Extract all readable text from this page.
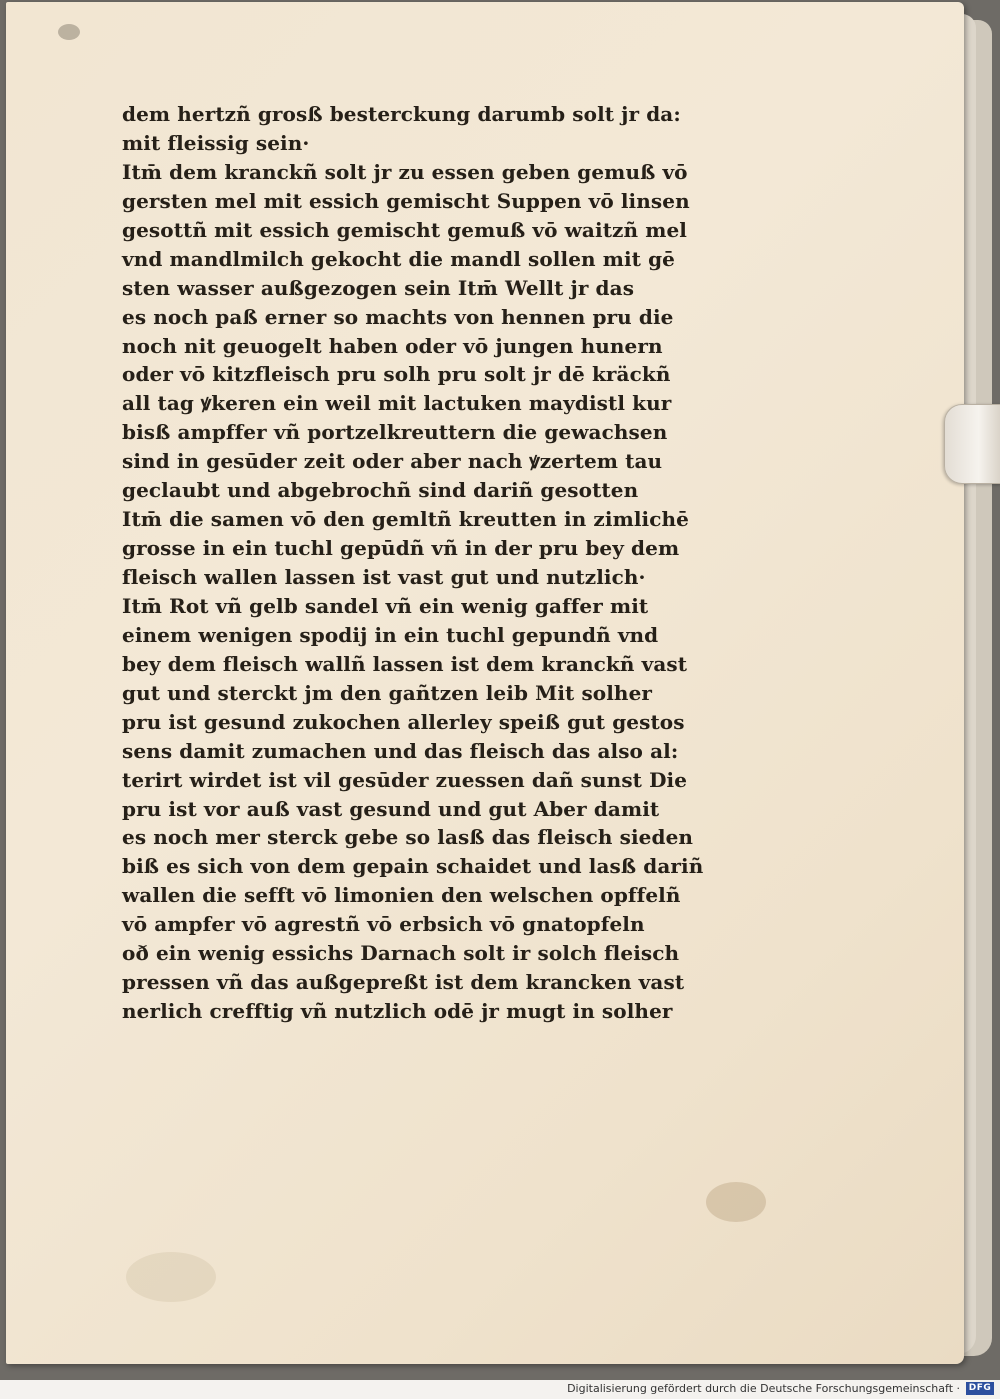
dem hertzñ grosß besterckung darumb solt jr da:
mit fleissig sein·
Itm̄ dem kranckñ solt jr zu essen geben gemuß vō
gersten mel mit essich gemischt Suppen vō linsen
gesottñ mit essich gemischt gemuß vō waitzñ mel
vnd mandlmilch gekocht die mandl sollen mit gē
sten wasser außgezogen sein Itm̄ Wellt jr das
es noch paß erner so machts von hennen pru die
noch nit geuogelt haben oder vō jungen hunern
oder vō kitzfleisch pru solh pru solt jr dē kräckñ
all tag ꝟkeren ein weil mit lactuken maydistl kur
bisß ampffer vñ portzelkreuttern die gewachsen
sind in gesūder zeit oder aber nach ꝟzertem tau
geclaubt und abgebrochñ sind dariñ gesotten
Itm̄ die samen vō den gemltñ kreutten in zimlichē
grosse in ein tuchl gepūdñ vñ in der pru bey dem
fleisch wallen lassen ist vast gut und nutzlich·
Itm̄ Rot vñ gelb sandel vñ ein wenig gaffer mit
einem wenigen spodij in ein tuchl gepundñ vnd
bey dem fleisch wallñ lassen ist dem kranckñ vast
gut und sterckt jm den gañtzen leib Mit solher
pru ist gesund zukochen allerley speiß gut gestos
sens damit zumachen und das fleisch das also al:
terirt wirdet ist vil gesūder zuessen dañ sunst Die
pru ist vor auß vast gesund und gut Aber damit
es noch mer sterck gebe so lasß das fleisch sieden
biß es sich von dem gepain schaidet und lasß dariñ
wallen die sefft vō limonien den welschen opffelñ
vō ampfer vō agrestñ vō erbsich vō gnatopfeln
oð ein wenig essichs Darnach solt ir solch fleisch
pressen vñ das außgepreßt ist dem krancken vast
nerlich crefftig vñ nutzlich odē jr mugt in solher
Digitalisierung gefördert durch die Deutsche Forschungsgemeinschaft · DFG
